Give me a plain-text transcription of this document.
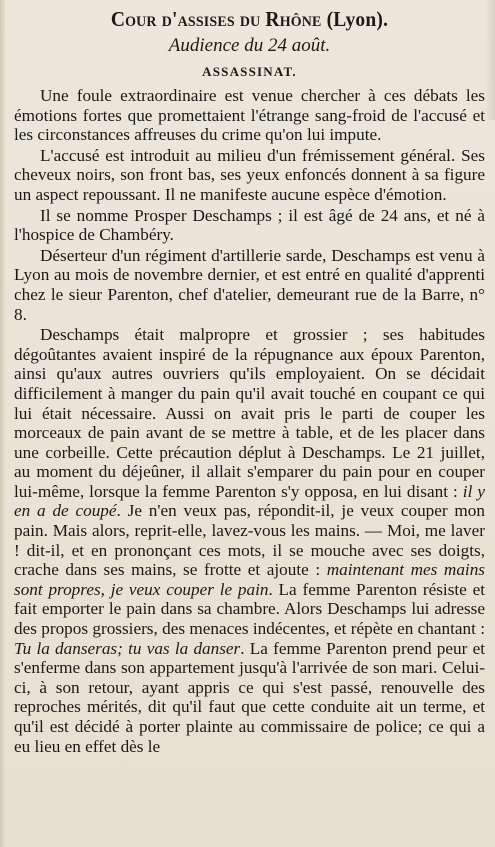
Cour d'assises du Rhône (Lyon).
Audience du 24 août.
ASSASSINAT.

Une foule extraordinaire est venue chercher à ces débats les émotions fortes que promettaient l'étrange sang-froid de l'accusé et les circonstances affreuses du crime qu'on lui impute.

L'accusé est introduit au milieu d'un frémissement général. Ses cheveux noirs, son front bas, ses yeux enfoncés donnent à sa figure un aspect repoussant. Il ne manifeste aucune espèce d'émotion.

Il se nomme Prosper Deschamps ; il est âgé de 24 ans, et né à l'hospice de Chambéry.

Déserteur d'un régiment d'artillerie sarde, Deschamps est venu à Lyon au mois de novembre dernier, et est entré en qualité d'apprenti chez le sieur Parenton, chef d'atelier, demeurant rue de la Barre, n° 8.

Deschamps était malpropre et grossier ; ses habitudes dégoûtantes avaient inspiré de la répugnance aux époux Parenton, ainsi qu'aux autres ouvriers qu'ils employaient. On se décidait difficilement à manger du pain qu'il avait touché en coupant ce qui lui était nécessaire. Aussi on avait pris le parti de couper les morceaux de pain avant de se mettre à table, et de les placer dans une corbeille. Cette précaution déplut à Deschamps. Le 21 juillet, au moment du déjeûner, il allait s'emparer du pain pour en couper lui-même, lorsque la femme Parenton s'y opposa, en lui disant : il y en a de coupé. Je n'en veux pas, répondit-il, je veux couper mon pain. Mais alors, reprit-elle, lavez-vous les mains. — Moi, me laver ! dit-il, et en prononçant ces mots, il se mouche avec ses doigts, crache dans ses mains, se frotte et ajoute : maintenant mes mains sont propres, je veux couper le pain. La femme Parenton résiste et fait emporter le pain dans sa chambre. Alors Deschamps lui adresse des propos grossiers, des menaces indécentes, et répète en chantant : Tu la danseras; tu vas la danser. La femme Parenton prend peur et s'enferme dans son appartement jusqu'à l'arrivée de son mari. Celui-ci, à son retour, ayant appris ce qui s'est passé, renouvelle des reproches mérités, dit qu'il faut que cette conduite ait un terme, et qu'il est décidé à porter plainte au commissaire de police; ce qui a eu lieu en effet dès le
